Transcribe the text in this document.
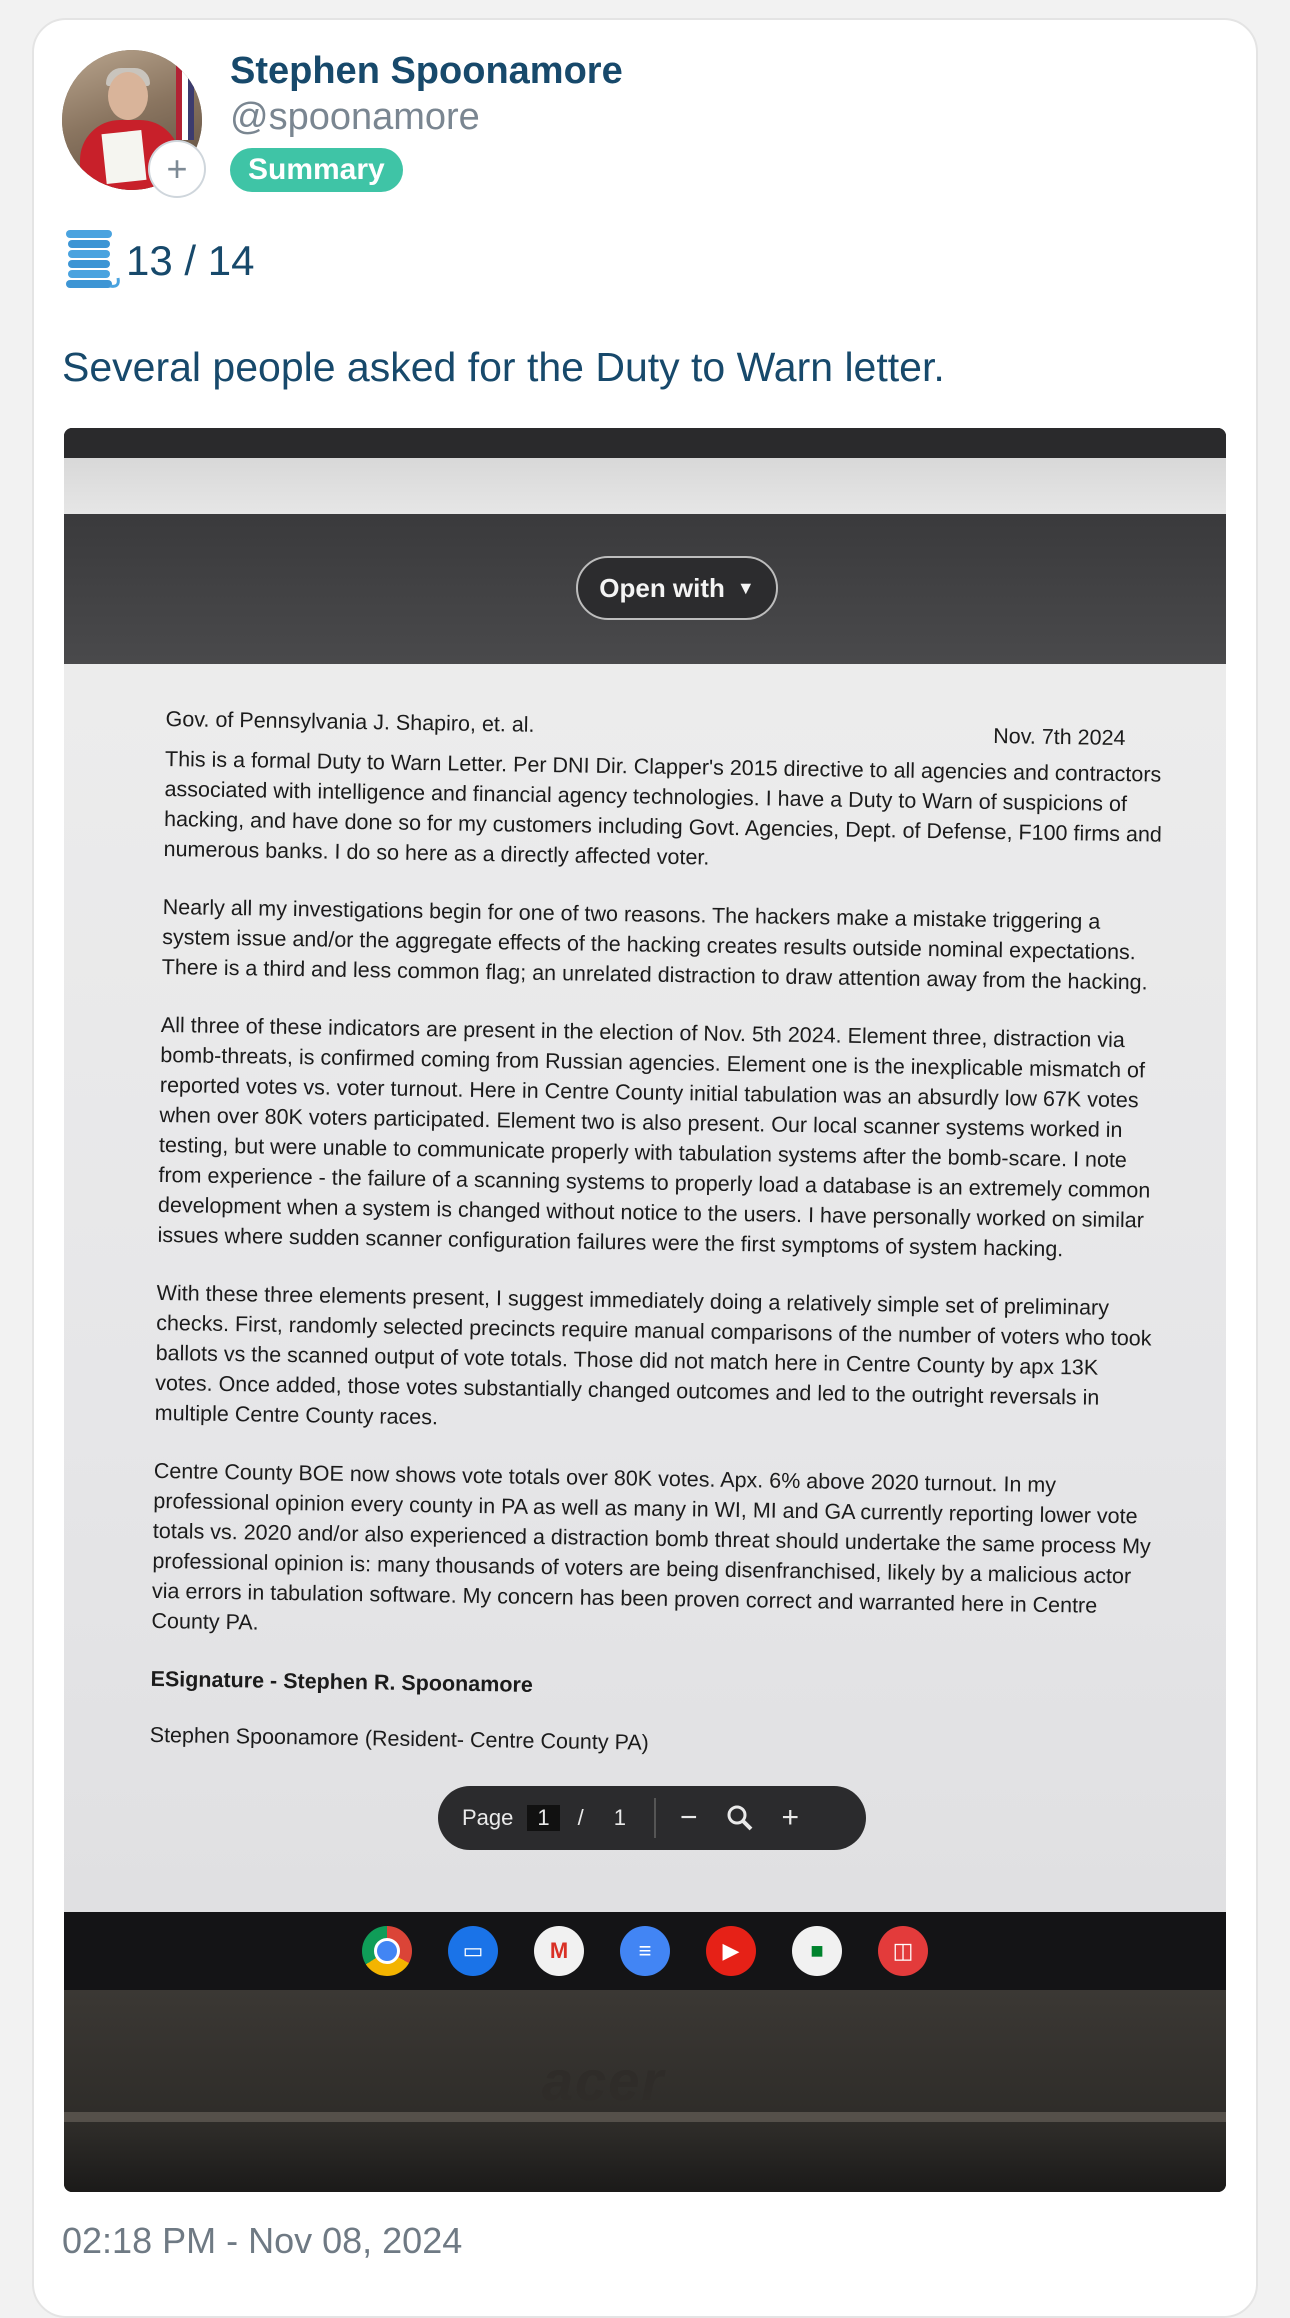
+
Stephen Spoonamore
@spoonamore
Summary
13 / 14
Several people asked for the Duty to Warn letter.
Open with ▼
Gov. of Pennsylvania J. Shapiro, et. al.
Nov. 7th 2024

This is a formal Duty to Warn Letter. Per DNI Dir. Clapper's 2015 directive to all agencies and contractors associated with intelligence and financial agency technologies. I have a Duty to Warn of suspicions of hacking, and have done so for my customers including Govt. Agencies, Dept. of Defense, F100 firms and numerous banks. I do so here as a directly affected voter.

Nearly all my investigations begin for one of two reasons. The hackers make a mistake triggering a system issue and/or the aggregate effects of the hacking creates results outside nominal expectations. There is a third and less common flag; an unrelated distraction to draw attention away from the hacking.

All three of these indicators are present in the election of Nov. 5th 2024. Element three, distraction via bomb-threats, is confirmed coming from Russian agencies. Element one is the inexplicable mismatch of reported votes vs. voter turnout. Here in Centre County initial tabulation was an absurdly low 67K votes when over 80K voters participated. Element two is also present. Our local scanner systems worked in testing, but were unable to communicate properly with tabulation systems after the bomb-scare. I note from experience - the failure of a scanning systems to properly load a database is an extremely common development when a system is changed without notice to the users. I have personally worked on similar issues where sudden scanner configuration failures were the first symptoms of system hacking.

With these three elements present, I suggest immediately doing a relatively simple set of preliminary checks. First, randomly selected precincts require manual comparisons of the number of voters who took ballots vs the scanned output of vote totals. Those did not match here in Centre County by apx 13K votes. Once added, those votes substantially changed outcomes and led to the outright reversals in multiple Centre County races.

Centre County BOE now shows vote totals over 80K votes. Apx. 6% above 2020 turnout. In my professional opinion every county in PA as well as many in WI, MI and GA currently reporting lower vote totals vs. 2020 and/or also experienced a distraction bomb threat should undertake the same process My professional opinion is: many thousands of voters are being disenfranchised, likely by a malicious actor via errors in tabulation software. My concern has been proven correct and warranted here in Centre County PA.

ESignature - Stephen R. Spoonamore

Stephen Spoonamore (Resident- Centre County PA)

Page	1	/ 1 −	+
▭	M	≡	▶	■	◫
acer
02:18 PM - Nov 08, 2024
